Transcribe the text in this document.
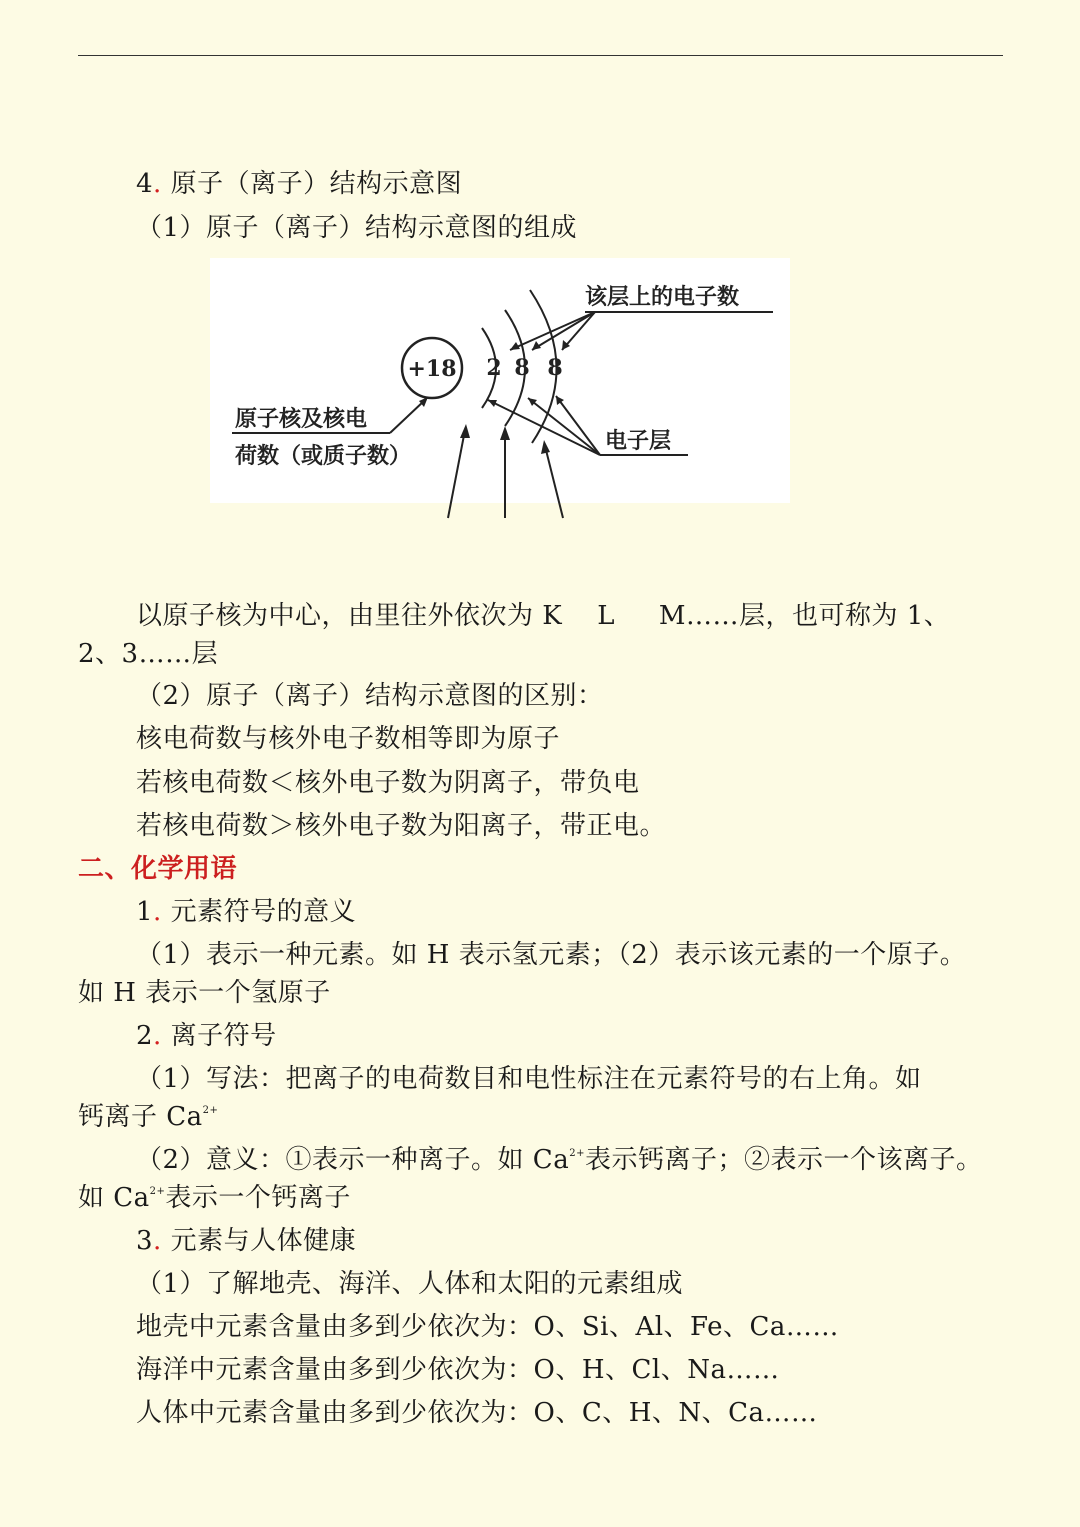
4. 原子（离子）结构示意图
（1）原子（离子）结构示意图的组成
+18 2 8 8
该层上的电子数
原子核及核电
荷数（或质子数）
电子层
以原子核为中心，由里往外依次为 K    L     M……层，也可称为 1、
2、3……层
（2）原子（离子）结构示意图的区别：
核电荷数与核外电子数相等即为原子
若核电荷数＜核外电子数为阴离子，带负电
若核电荷数＞核外电子数为阳离子，带正电。
二、化学用语
1. 元素符号的意义
（1）表示一种元素。如 H 表示氢元素；（2）表示该元素的一个原子。
如 H 表示一个氢原子
2. 离子符号
（1）写法：把离子的电荷数目和电性标注在元素符号的右上角。如
钙离子 $Ca^{2+}$
（2）意义：①表示一种离子。如 $Ca^{2+}$表示钙离子；②表示一个该离子。
如 $Ca^{2+}$表示一个钙离子
3. 元素与人体健康
（1）了解地壳、海洋、人体和太阳的元素组成
地壳中元素含量由多到少依次为：O、Si、Al、Fe、Ca……
海洋中元素含量由多到少依次为：O、H、Cl、Na……
人体中元素含量由多到少依次为：O、C、H、N、Ca……
